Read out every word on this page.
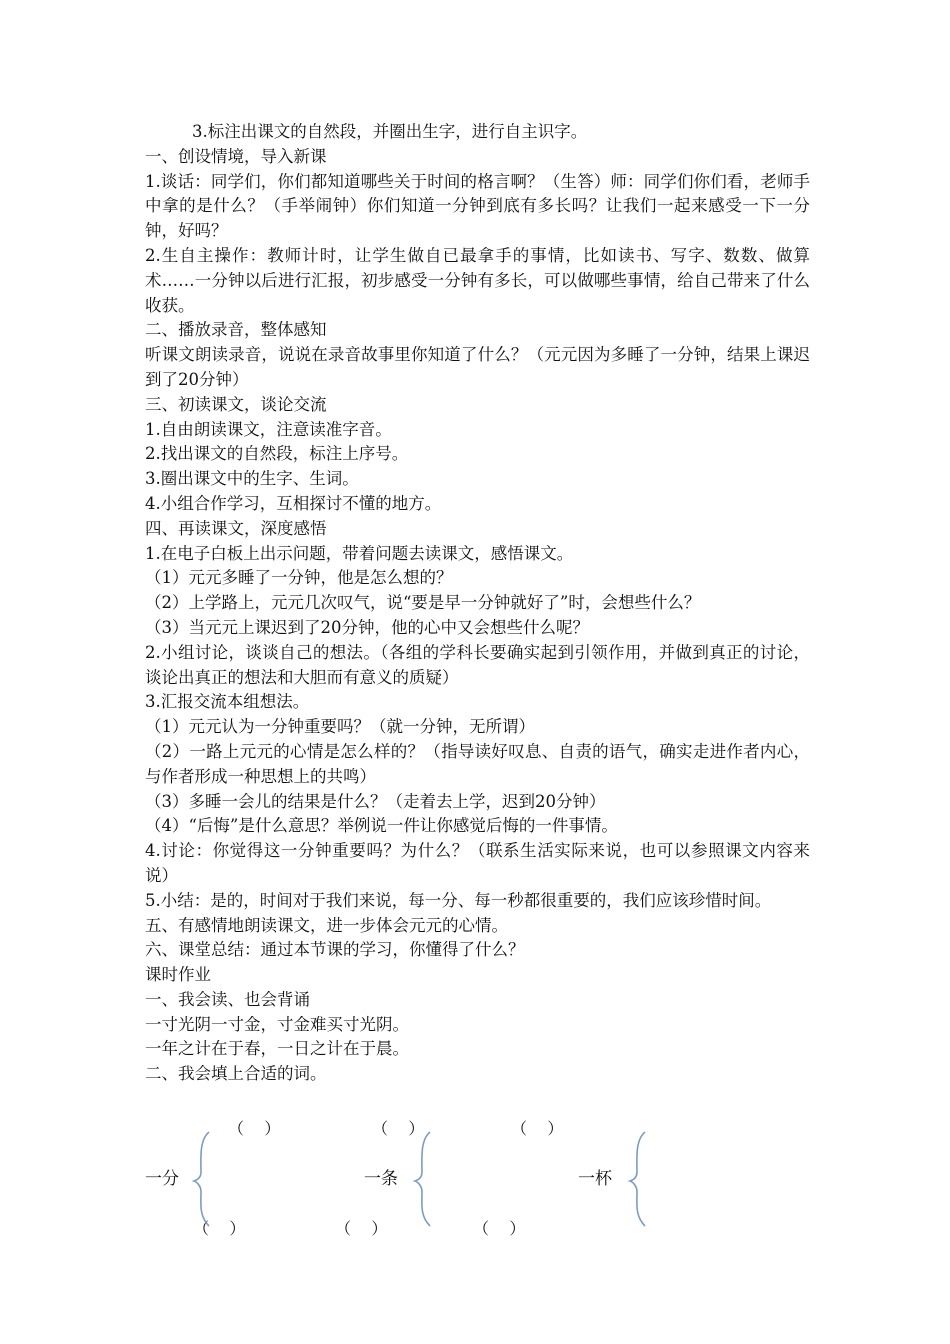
3.标注出课文的自然段，并圈出生字，进行自主识字。

一、创设情境，导入新课

1.谈话：同学们，你们都知道哪些关于时间的格言啊？（生答）师：同学们你们看，老师手中拿的是什么？（手举闹钟）你们知道一分钟到底有多长吗？让我们一起来感受一下一分钟，好吗？

2.生自主操作：教师计时，让学生做自已最拿手的事情，比如读书、写字、数数、做算术……一分钟以后进行汇报，初步感受一分钟有多长，可以做哪些事情，给自己带来了什么收获。

二、播放录音，整体感知

听课文朗读录音，说说在录音故事里你知道了什么？（元元因为多睡了一分钟，结果上课迟到了20分钟）

三、初读课文，谈论交流

1.自由朗读课文，注意读准字音。

2.找出课文的自然段，标注上序号。

3.圈出课文中的生字、生词。

4.小组合作学习，互相探讨不懂的地方。

四、再读课文，深度感悟

1.在电子白板上出示问题，带着问题去读课文，感悟课文。

（1）元元多睡了一分钟，他是怎么想的？

（2）上学路上，元元几次叹气，说“要是早一分钟就好了”时，会想些什么？

（3）当元元上课迟到了20分钟，他的心中又会想些什么呢？

2.小组讨论，谈谈自己的想法。（各组的学科长要确实起到引领作用，并做到真正的讨论，谈论出真正的想法和大胆而有意义的质疑）

3.汇报交流本组想法。

（1）元元认为一分钟重要吗？（就一分钟，无所谓）

（2）一路上元元的心情是怎么样的？（指导读好叹息、自责的语气，确实走进作者内心，与作者形成一种思想上的共鸣）

（3）多睡一会儿的结果是什么？（走着去上学，迟到20分钟）

（4）“后悔”是什么意思？举例说一件让你感觉后悔的一件事情。

4.讨论：你觉得这一分钟重要吗？为什么？（联系生活实际来说，也可以参照课文内容来说）

5.小结：是的，时间对于我们来说，每一分、每一秒都很重要的，我们应该珍惜时间。

五、有感情地朗读课文，进一步体会元元的心情。

六、课堂总结：通过本节课的学习，你懂得了什么？

课时作业

一、我会读、也会背诵

一寸光阴一寸金，寸金难买寸光阴。

一年之计在于春，一日之计在于晨。

二、我会填上合适的词。

（    ）	（    ）	（    ）
一分	一条	一杯
（    ）	（    ）	（    ）
